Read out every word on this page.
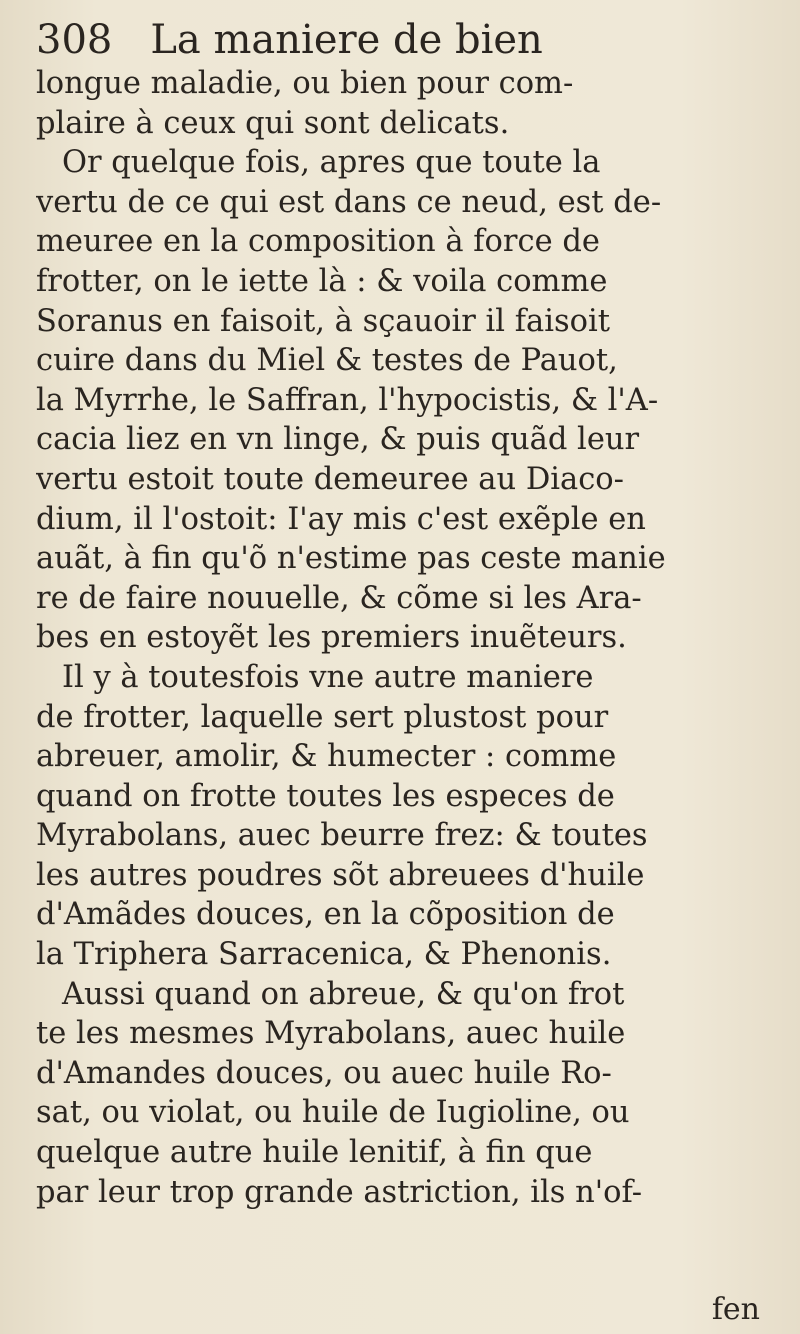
308 La maniere de bien
longue maladie, ou bien pour com-
plaire à ceux qui sont delicats.
Or quelque fois, apres que toute la
vertu de ce qui est dans ce neud, est de-
meuree en la composition à force de
frotter, on le iette là : & voila comme
Soranus en faisoit, à sçauoir il faisoit
cuire dans du Miel & testes de Pauot,
la Myrrhe, le Saffran, l'hypocistis, & l'A-
cacia liez en vn linge, & puis quãd leur
vertu estoit toute demeuree au Diaco-
dium, il l'ostoit: I'ay mis c'est exẽple en
auãt, à fin qu'õ n'estime pas ceste manie
re de faire nouuelle, & cõme si les Ara-
bes en estoyẽt les premiers inuẽteurs.
Il y à toutesfois vne autre maniere
de frotter, laquelle sert plustost pour
abreuer, amolir, & humecter : comme
quand on frotte toutes les especes de
Myrabolans, auec beurre frez: & toutes
les autres poudres sõt abreuees d'huile
d'Amãdes douces, en la cõposition de
la Triphera Sarracenica, & Phenonis.
Aussi quand on abreue, & qu'on frot
te les mesmes Myrabolans, auec huile
d'Amandes douces, ou auec huile Ro-
sat, ou violat, ou huile de Iugioline, ou
quelque autre huile lenitif, à fin que
par leur trop grande astriction, ils n'of-
fen
